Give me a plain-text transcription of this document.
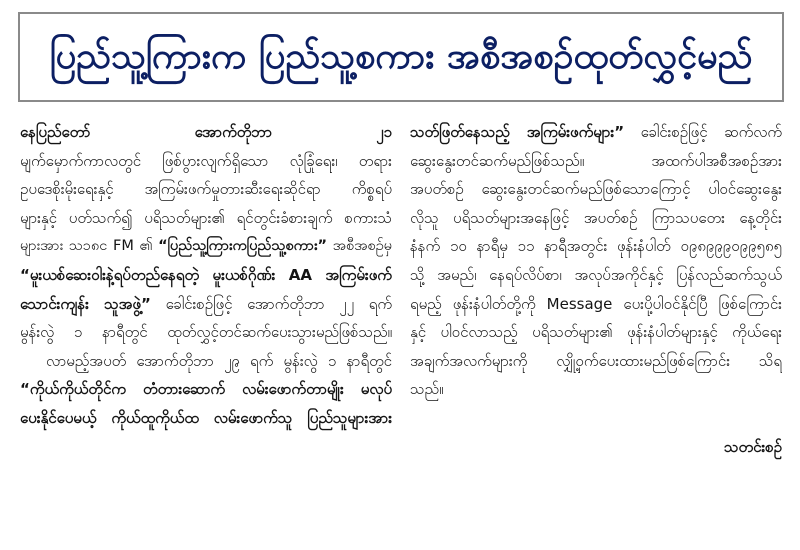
ပြည်သူ့ကြားက ပြည်သူ့စကား အစီအစဉ်ထုတ်လွှင့်မည်
နေပြည်တော် အောက်တိုဘာ ၂၁
မျက်မှောက်ကာလတွင် ဖြစ်ပွားလျက်ရှိသော လုံခြုံရေး၊ တရား
ဥပဒေစိုးမိုးရေးနှင့် အကြမ်းဖက်မှုတားဆီးရေးဆိုင်ရာ ကိစ္စရပ်
များနှင့် ပတ်သက်၍ ပရိသတ်များ၏ ရင်တွင်းခံစားချက် စကားသံ
များအား သ၁၈င FM ၏ “ပြည်သူ့ကြားကပြည်သူ့စကား” အစီအစဉ်မှ
“မူးယစ်ဆေးဝါးနဲ့ရပ်တည်နေရတဲ့ မူးယစ်ဂိုဏ်း AA အကြမ်းဖက်
သောင်းကျန်း သူအဖွဲ့” ခေါင်းစဉ်ဖြင့် အောက်တိုဘာ ၂၂ ရက်
မွန်းလွဲ ၁ နာရီတွင် ထုတ်လွှင့်တင်ဆက်ပေးသွားမည်ဖြစ်သည်။
လာမည့်အပတ် အောက်တိုဘာ ၂၉ ရက် မွန်းလွဲ ၁ နာရီတွင်
“ကိုယ်ကိုယ်တိုင်က တံတားဆောက် လမ်းဖောက်တာမျိုး မလုပ်
ပေးနိုင်ပေမယ့် ကိုယ်ထူကိုယ်ထ လမ်းဖောက်သူ ပြည်သူများအား
သတ်ဖြတ်နေသည့် အကြမ်းဖက်များ” ခေါင်းစဉ်ဖြင့် ဆက်လက်
ဆွေးနွေးတင်ဆက်မည်ဖြစ်သည်။ အထက်ပါအစီအစဉ်အား
အပတ်စဉ် ဆွေးနွေးတင်ဆက်မည်ဖြစ်သောကြောင့် ပါဝင်ဆွေးနွေး
လိုသူ ပရိသတ်များအနေဖြင့် အပတ်စဉ် ကြာသပတေး နေ့တိုင်း
နံနက် ၁၀ နာရီမှ ၁၁ နာရီအတွင်း ဖုန်းနံပါတ် ၀၉၈၉၉၉၀၉၉၅၈၅
သို့ အမည်၊ နေရပ်လိပ်စာ၊ အလုပ်အကိုင်နှင့် ပြန်လည်ဆက်သွယ်
ရမည့် ဖုန်းနံပါတ်တို့ကို Message ပေးပို့ပါဝင်နိုင်ပြီ ဖြစ်ကြောင်း
နှင့် ပါဝင်လာသည့် ပရိသတ်များ၏ ဖုန်းနံပါတ်များနှင့် ကိုယ်ရေး
အချက်အလက်များကို လျှို့ဝှက်ပေးထားမည်ဖြစ်ကြောင်း သိရ
သည်။

သတင်းစဉ်
